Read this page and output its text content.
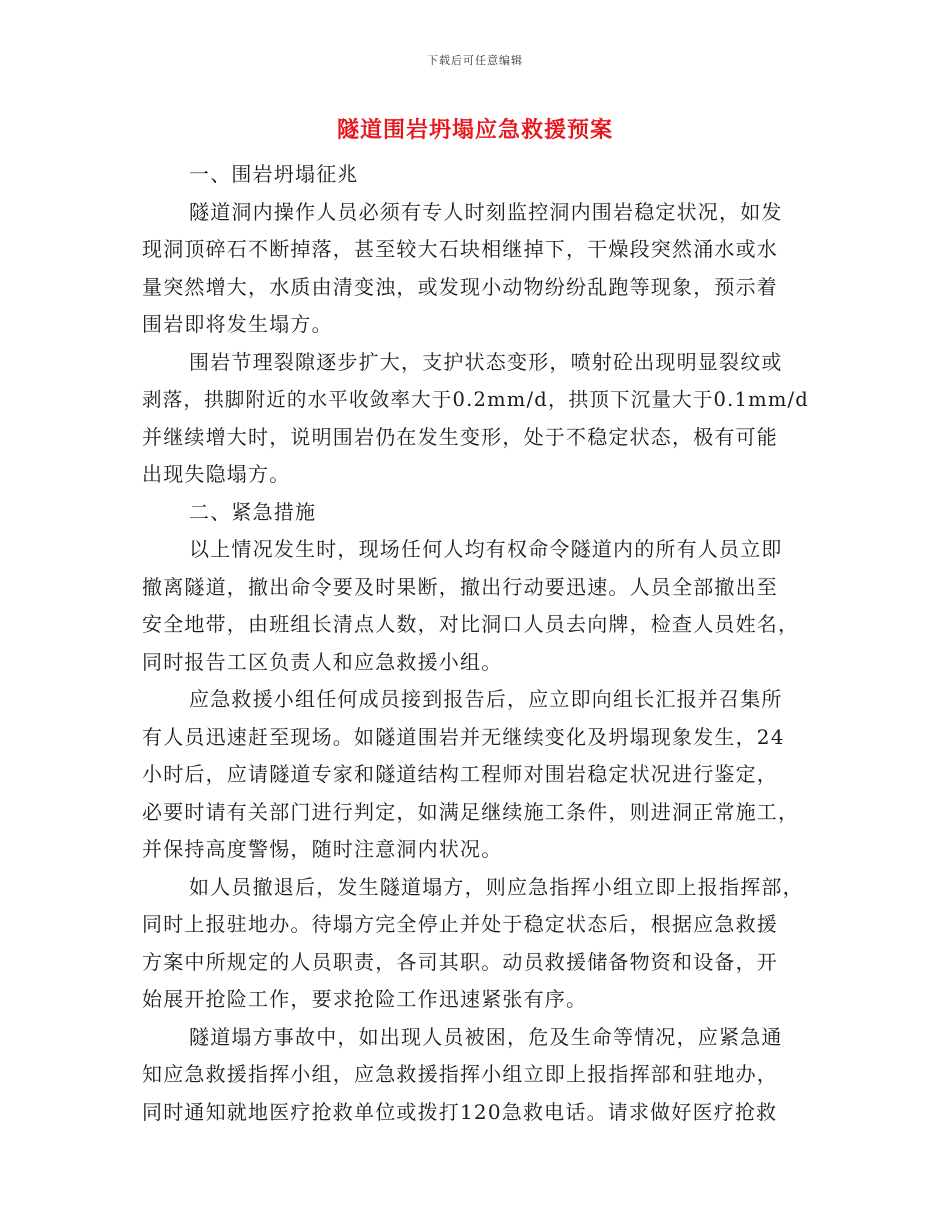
下载后可任意编辑
隧道围岩坍塌应急救援预案
一、围岩坍塌征兆
隧道洞内操作人员必须有专人时刻监控洞内围岩稳定状况，如发
现洞顶碎石不断掉落，甚至较大石块相继掉下，干燥段突然涌水或水
量突然增大，水质由清变浊，或发现小动物纷纷乱跑等现象，预示着
围岩即将发生塌方。
围岩节理裂隙逐步扩大，支护状态变形，喷射砼出现明显裂纹或
剥落，拱脚附近的水平收敛率大于0.2mm/d，拱顶下沉量大于0.1mm/d
并继续增大时，说明围岩仍在发生变形，处于不稳定状态，极有可能
出现失隐塌方。
二、紧急措施
以上情况发生时，现场任何人均有权命令隧道内的所有人员立即
撤离隧道，撤出命令要及时果断，撤出行动要迅速。人员全部撤出至
安全地带，由班组长清点人数，对比洞口人员去向牌，检查人员姓名，
同时报告工区负责人和应急救援小组。
应急救援小组任何成员接到报告后，应立即向组长汇报并召集所
有人员迅速赶至现场。如隧道围岩并无继续变化及坍塌现象发生，24
小时后，应请隧道专家和隧道结构工程师对围岩稳定状况进行鉴定，
必要时请有关部门进行判定，如满足继续施工条件，则进洞正常施工，
并保持高度警惕，随时注意洞内状况。
如人员撤退后，发生隧道塌方，则应急指挥小组立即上报指挥部，
同时上报驻地办。待塌方完全停止并处于稳定状态后，根据应急救援
方案中所规定的人员职责，各司其职。动员救援储备物资和设备，开
始展开抢险工作，要求抢险工作迅速紧张有序。
隧道塌方事故中，如出现人员被困，危及生命等情况，应紧急通
知应急救援指挥小组，应急救援指挥小组立即上报指挥部和驻地办，
同时通知就地医疗抢救单位或拨打120急救电话。请求做好医疗抢救
